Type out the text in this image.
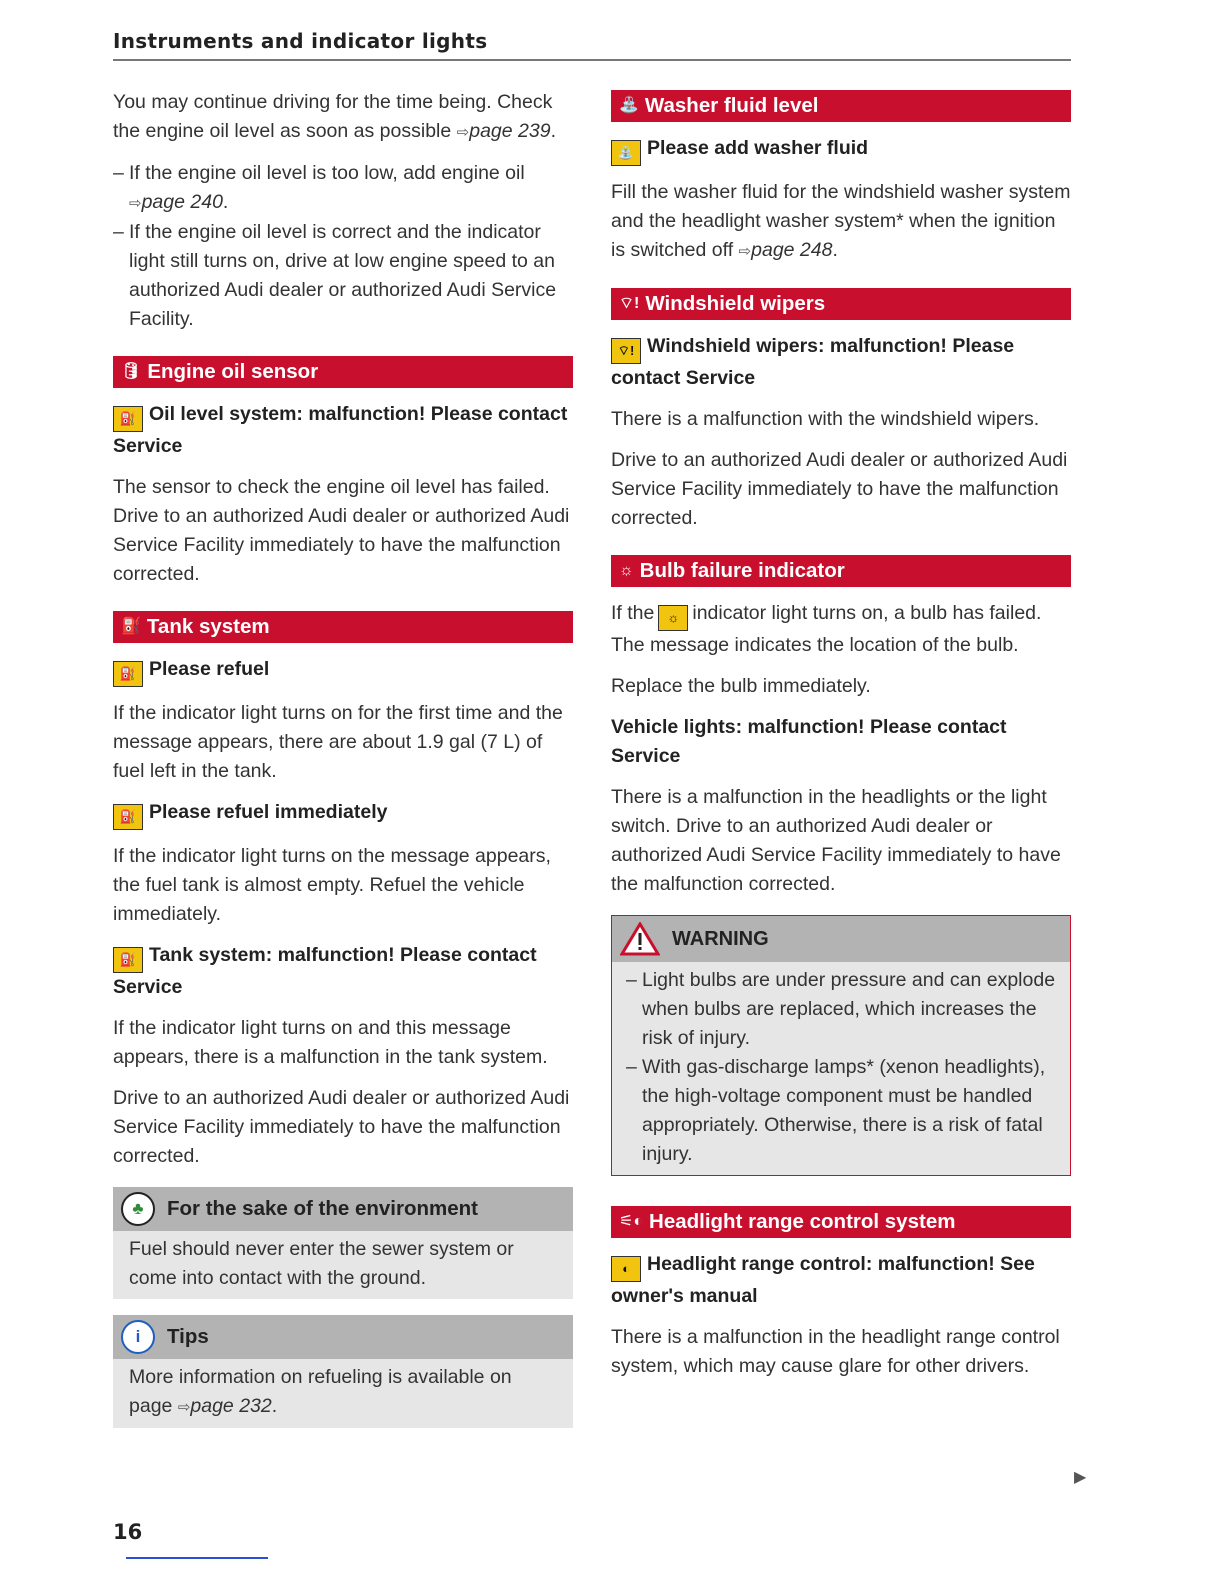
Instruments and indicator lights

You may continue driving for the time being. Check the engine oil level as soon as possible ⇨page 239.

– If the engine oil level is too low, add engine oil ⇨page 240.
– If the engine oil level is correct and the indicator light still turns on, drive at low engine speed to an authorized Audi dealer or authorized Audi Service Facility.
🛢 Engine oil sensor
⛽ Oil level system: malfunction! Please contact Service

The sensor to check the engine oil level has failed. Drive to an authorized Audi dealer or authorized Audi Service Facility immediately to have the malfunction corrected.

⛽ Tank system
⛽ Please refuel

If the indicator light turns on for the first time and the message appears, there are about 1.9 gal (7 L) of fuel left in the tank.

⛽ Please refuel immediately

If the indicator light turns on the message appears, the fuel tank is almost empty. Refuel the vehicle immediately.

⛽ Tank system: malfunction! Please contact Service

If the indicator light turns on and this message appears, there is a malfunction in the tank system.

Drive to an authorized Audi dealer or authorized Audi Service Facility immediately to have the malfunction corrected.

♣	For the sake of the environment
Fuel should never enter the sewer system or come into contact with the ground.
i	Tips
More information on refueling is available on page ⇨page 232.
⛲ Washer fluid level
⛲ Please add washer fluid

Fill the washer fluid for the windshield washer system and the headlight washer system* when the ignition is switched off ⇨page 248.

⌔! Windshield wipers
⌔! Windshield wipers: malfunction! Please contact Service

There is a malfunction with the windshield wipers.

Drive to an authorized Audi dealer or authorized Audi Service Facility immediately to have the malfunction corrected.

☼ Bulb failure indicator

If the ☼ indicator light turns on, a bulb has failed. The message indicates the location of the bulb.

Replace the bulb immediately.

Vehicle lights: malfunction! Please contact Service

There is a malfunction in the headlights or the light switch. Drive to an authorized Audi dealer or authorized Audi Service Facility immediately to have the malfunction corrected.

WARNING
– Light bulbs are under pressure and can explode when bulbs are replaced, which increases the risk of injury.
– With gas-discharge lamps* (xenon headlights), the high-voltage component must be handled appropriately. Otherwise, there is a risk of fatal injury.
⚟◐ Headlight range control system
◐ Headlight range control: malfunction! See owner's manual

There is a malfunction in the headlight range control system, which may cause glare for other drivers.

▶
16
